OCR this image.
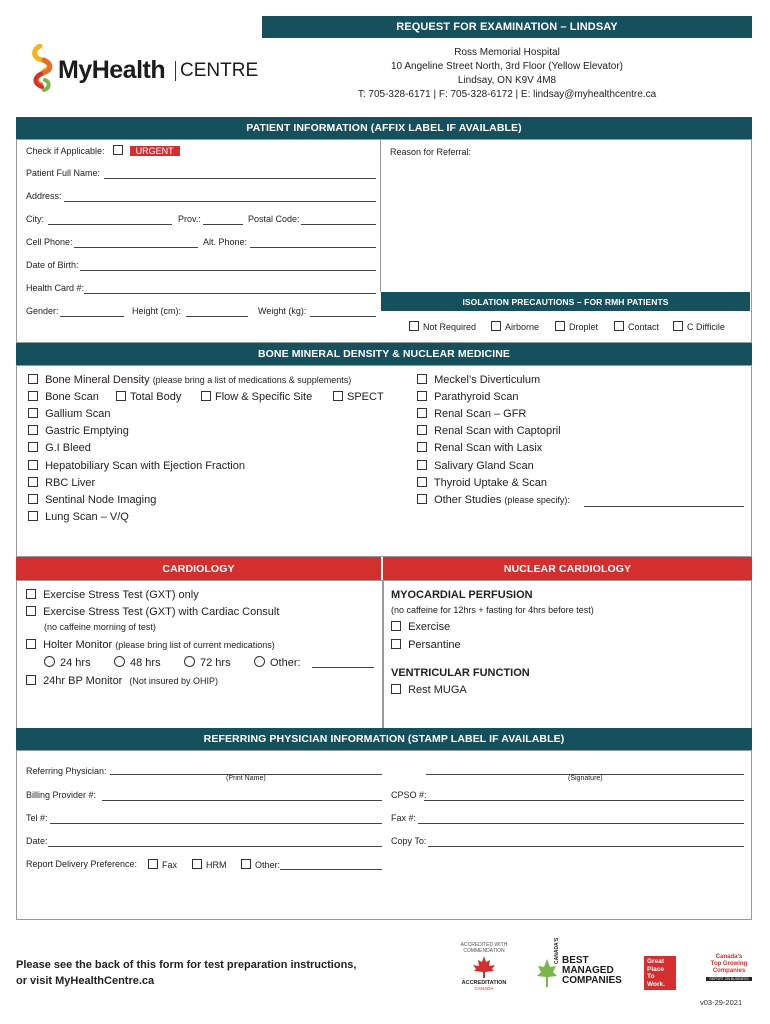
MyHealth CENTRE
REQUEST FOR EXAMINATION – LINDSAY
Ross Memorial Hospital
10 Angeline Street North, 3rd Floor (Yellow Elevator)
Lindsay, ON K9V 4M8
T: 705-328-6171 | F: 705-328-6172 | E: lindsay@myhealthcentre.ca
PATIENT INFORMATION (AFFIX LABEL IF AVAILABLE)
Check if Applicable:	URGENT	Reason for Referral:
Patient Full Name:
Address:
City:	Prov.:	Postal Code:
Cell Phone:	Alt. Phone:
Date of Birth:
Health Card #:
Gender:	Height (cm):	Weight (kg):
ISOLATION PRECAUTIONS – FOR RMH PATIENTS
Not Required	Airborne	Droplet	Contact	C Difficile
BONE MINERAL DENSITY & NUCLEAR MEDICINE
Bone Mineral Density (please bring a list of medications & supplements)
Bone Scan	Total Body	Flow & Specific Site	SPECT
Gallium Scan
Gastric Emptying
G.I Bleed
Hepatobiliary Scan with Ejection Fraction
RBC Liver
Sentinal Node Imaging
Lung Scan – V/Q
Meckel’s Diverticulum
Parathyroid Scan
Renal Scan – GFR
Renal Scan with Captopril
Renal Scan with Lasix
Salivary Gland Scan
Thyroid Uptake & Scan
Other Studies (please specify):
CARDIOLOGY	NUCLEAR CARDIOLOGY
Exercise Stress Test (GXT) only
Exercise Stress Test (GXT) with Cardiac Consult
(no caffeine morning of test)
Holter Monitor (please bring list of current medications)
24 hrs	48 hrs	72 hrs	Other:
24hr BP Monitor (Not insured by OHIP)
MYOCARDIAL PERFUSION
(no caffeine for 12hrs + fasting for 4hrs before test)
Exercise
Persantine
VENTRICULAR FUNCTION
Rest MUGA
REFERRING PHYSICIAN INFORMATION (STAMP LABEL IF AVAILABLE)
Referring Physician:
(Print Name)	(Signature)
Billing Provider #:	CPSO #:
Tel #:	Fax #:
Date:	Copy To:
Report Delivery Preference:	Fax	HRM	Other:
Please see the back of this form for test preparation instructions,
or visit MyHealthCentre.ca
ACCREDITED WITH
COMMENDATION
ACCREDITATION
CANADA
CANADA'S BEST
MANAGED
COMPANIES
Great
Place
To
Work.
Canada's
Top Growing
Companies
REPORT ON BUSINESS
v03-29-2021
